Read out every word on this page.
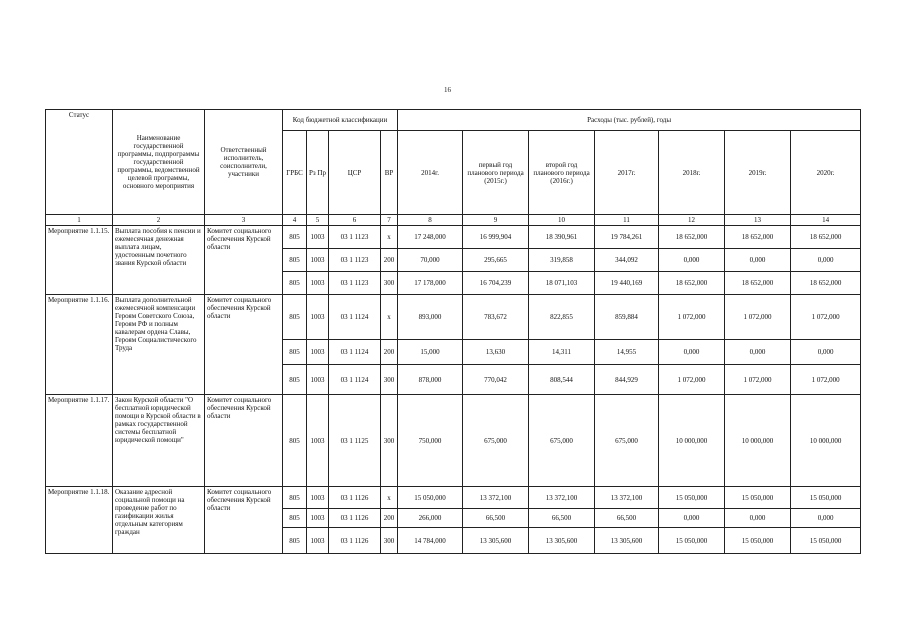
16
Статус	Наименование государственной программы, подпрограммы государственной программы, ведомственной целевой программы, основного мероприятия	Ответственный исполнитель, соисполнители, участники	Код бюджетной классификации				Расходы (тыс. рублей), годы						
			ГРБС	Рз Пр	ЦСР	ВР	2014г.	первый год планового периода (2015г.)	второй год планового периода (2016г.)	2017г.	2018г.	2019г.	2020г.
1	2	3	4	5	6	7	8	9	10	11	12	13	14
Мероприятие 1.1.15.	Выплата пособия к пенсии и ежемесячная денежная выплата лицам, удостоенным почетного звания Курской области	Комитет социального обеспечения Курской области	805	1003	03 1 1123	x	17 248,000	16 999,904	18 390,961	19 784,261	18 652,000	18 652,000	18 652,000
			805	1003	03 1 1123	200	70,000	295,665	319,858	344,092	0,000	0,000	0,000
			805	1003	03 1 1123	300	17 178,000	16 704,239	18 071,103	19 440,169	18 652,000	18 652,000	18 652,000
Мероприятие 1.1.16.	Выплата дополнительной ежемесячной компенсации Героям Советского Союза, Героям РФ и полным кавалерам ордена Славы, Героям Социалистического Труда	Комитет социального обеспечения Курской области	805	1003	03 1 1124	x	893,000	783,672	822,855	859,884	1 072,000	1 072,000	1 072,000
			805	1003	03 1 1124	200	15,000	13,630	14,311	14,955	0,000	0,000	0,000
			805	1003	03 1 1124	300	878,000	770,042	808,544	844,929	1 072,000	1 072,000	1 072,000
Мероприятие 1.1.17.	Закон Курской области "О бесплатной юридической помощи в Курской области в рамках государственной системы бесплатной юридической помощи"	Комитет социального обеспечения Курской области	805	1003	03 1 1125	300	750,000	675,000	675,000	675,000	10 000,000	10 000,000	10 000,000
Мероприятие 1.1.18.	Оказание адресной социальной помощи на проведение работ по газификации жилья отдельным категориям граждан	Комитет социального обеспечения Курской области	805	1003	03 1 1126	x	15 050,000	13 372,100	13 372,100	13 372,100	15 050,000	15 050,000	15 050,000
			805	1003	03 1 1126	200	266,000	66,500	66,500	66,500	0,000	0,000	0,000
			805	1003	03 1 1126	300	14 784,000	13 305,600	13 305,600	13 305,600	15 050,000	15 050,000	15 050,000
